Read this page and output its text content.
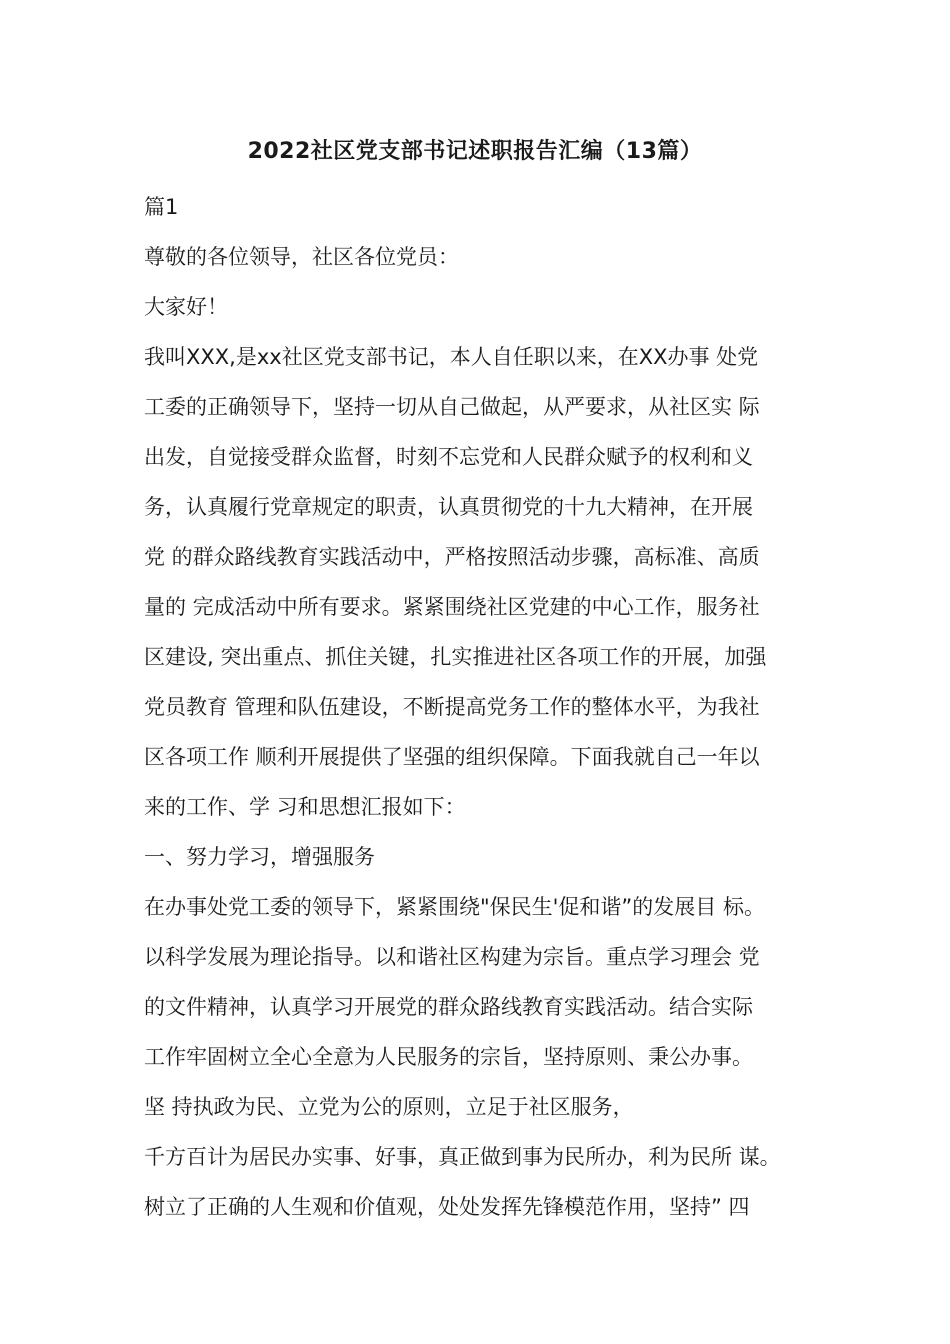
2022社区党支部书记述职报告汇编（13篇）
篇1
尊敬的各位领导，社区各位党员：
大家好！
我叫XXX,是xx社区党支部书记，本人自任职以来，在XX办事 处党
工委的正确领导下，坚持一切从自己做起，从严要求，从社区实 际
出发，自觉接受群众监督，时刻不忘党和人民群众赋予的权利和义
务，认真履行党章规定的职责，认真贯彻党的十九大精神，在开展
党 的群众路线教育实践活动中，严格按照活动步骤，高标准、高质
量的 完成活动中所有要求。紧紧围绕社区党建的中心工作，服务社
区建设, 突出重点、抓住关键，扎实推进社区各项工作的开展，加强
党员教育 管理和队伍建设，不断提高党务工作的整体水平，为我社
区各项工作 顺利开展提供了坚强的组织保障。下面我就自己一年以
来的工作、学 习和思想汇报如下：
一、努力学习，增强服务
在办事处党工委的领导下，紧紧围绕"保民生'促和谐”的发展目 标。
以科学发展为理论指导。以和谐社区构建为宗旨。重点学习理会 党
的文件精神，认真学习开展党的群众路线教育实践活动。结合实际
工作牢固树立全心全意为人民服务的宗旨，坚持原则、秉公办事。
坚 持执政为民、立党为公的原则，立足于社区服务，
千方百计为居民办实事、好事，真正做到事为民所办，利为民所 谋。
树立了正确的人生观和价值观，处处发挥先锋模范作用，坚持” 四
